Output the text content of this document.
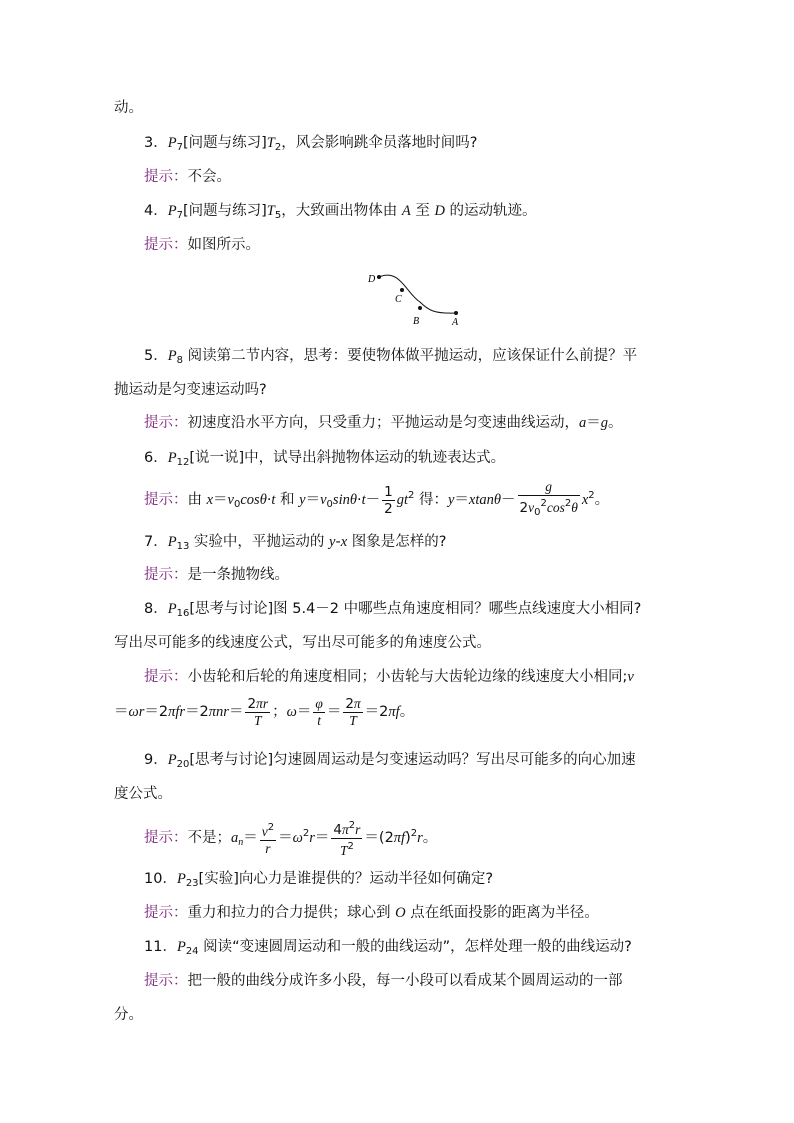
动。
3．$P_7$[问题与练习]$T_2$，风会影响跳伞员落地时间吗?
提示：不会。
4．$P_7$[问题与练习]$T_5$，大致画出物体由 A 至 D 的运动轨迹。
提示：如图所示。
D
C
B	A
5．$P_8$ 阅读第二节内容，思考：要使物体做平抛运动，应该保证什么前提？平
抛运动是匀变速运动吗?
提示：初速度沿水平方向，只受重力；平抛运动是匀变速曲线运动，a＝g。
6．$P_{12}$[说一说]中，试导出斜抛物体运动的轨迹表达式。
提示：由 $x=v_0\cos\theta\cdot t$ 和 $y=v_0\sin\theta\cdot t- \frac{1}{2} gt^2$ 得：$y=xtan\theta- \frac{g}{2v_0^2\cos^2\theta} x^2$。
7．$P_{13}$ 实验中，平抛运动的 y-x 图象是怎样的?
提示：是一条抛物线。
8．$P_{16}$[思考与讨论]图 5.4－2 中哪些点角速度相同？哪些点线速度大小相同?
写出尽可能多的线速度公式，写出尽可能多的角速度公式。
提示：小齿轮和后轮的角速度相同；小齿轮与大齿轮边缘的线速度大小相同;v
$=\omega r=2\pi fr=2\pi nr= \frac{2\pi r}{T}$ ；$\omega= \frac{\varphi}{t} = \frac{2\pi}{T} =2\pi f$。
9．$P_{20}$[思考与讨论]匀速圆周运动是匀变速运动吗？写出尽可能多的向心加速
度公式。
提示：不是；$a_n= \frac{v^2}{r} =\omega^2r= \frac{4\pi^2r}{T^2} =(2\pi f)^2r$。
10．$P_{23}$[实验]向心力是谁提供的？运动半径如何确定?
提示：重力和拉力的合力提供；球心到 O 点在纸面投影的距离为半径。
11．$P_{24}$ 阅读“变速圆周运动和一般的曲线运动”，怎样处理一般的曲线运动?
提示：把一般的曲线分成许多小段，每一小段可以看成某个圆周运动的一部
分。
